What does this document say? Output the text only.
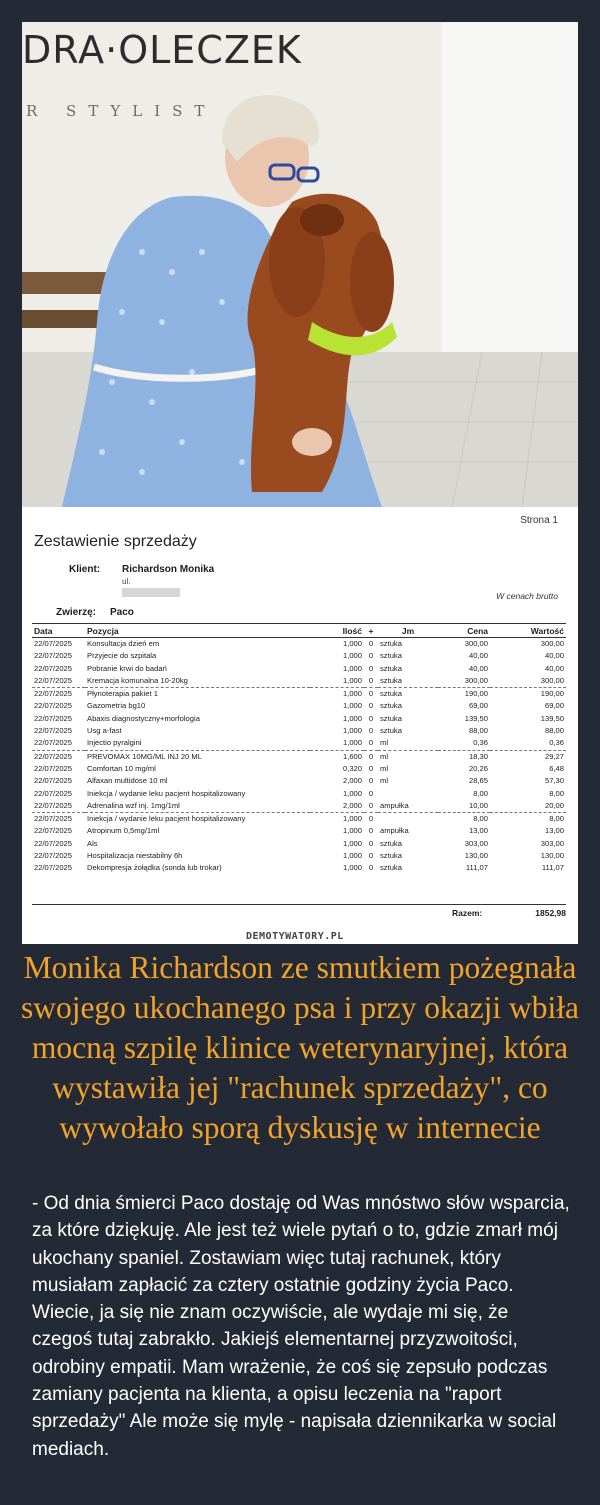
DRA·OLECZEK
R STYLIST
Strona 1
Zestawienie sprzedaży
Klient: Richardson Monika
ul.
W cenach brutto
Zwierzę: Paco
Data	Pozycja	Ilość	+	Jm	Cena	Wartość
22/07/2025	Konsultacja dzień em	1,000	0	sztuka	300,00	300,00
22/07/2025	Przyjecie do szpitala	1,000	0	sztuka	40,00	40,00
22/07/2025	Pobranie krwi do badań	1,000	0	sztuka	40,00	40,00
22/07/2025	Kremacja komunalna 10-20kg	1,000	0	sztuka	300,00	300,00
22/07/2025	Płynoterapia pakiet 1	1,000	0	sztuka	190,00	190,00
22/07/2025	Gazometria bg10	1,000	0	sztuka	69,00	69,00
22/07/2025	Abaxis diagnostyczny+morfologia	1,000	0	sztuka	139,50	139,50
22/07/2025	Usg a-fast	1,000	0	sztuka	88,00	88,00
22/07/2025	Injectio pyralgini	1,000	0	ml	0,36	0,36
22/07/2025	PREVOMAX 10MG/ML INJ 20 ML	1,600	0	ml	18,30	29,27
22/07/2025	Comfortan 10 mg/ml	0,320	0	ml	20,26	6,48
22/07/2025	Alfaxan multidose 10 ml	2,000	0	ml	28,65	57,30
22/07/2025	Iniekcja / wydanie leku pacjent hospitalizowany	1,000	0		8,00	8,00
22/07/2025	Adrenalina wzf inj. 1mg/1ml	2,000	0	ampułka	10,00	20,00
22/07/2025	Iniekcja / wydanie leku pacjent hospitalizowany	1,000	0		8,00	8,00
22/07/2025	Atropinum 0,5mg/1ml	1,000	0	ampułka	13,00	13,00
22/07/2025	Als	1,000	0	sztuka	303,00	303,00
22/07/2025	Hospitalizacja niestabilny 6h	1,000	0	sztuka	130,00	130,00
22/07/2025	Dekompresja żołądka (sonda lub trokar)	1,000	0	sztuka	111,07	111,07
Razem:	1852,98
DEMOTYWATORY.PL
Monika Richardson ze smutkiem pożegnała swojego ukochanego psa i przy okazji wbiła mocną szpilę klinice weterynaryjnej, która wystawiła jej "rachunek sprzedaży", co wywołało sporą dyskusję w internecie
- Od dnia śmierci Paco dostaję od Was mnóstwo słów wsparcia, za które dziękuję. Ale jest też wiele pytań o to, gdzie zmarł mój ukochany spaniel. Zostawiam więc tutaj rachunek, który musiałam zapłacić za cztery ostatnie godziny życia Paco. Wiecie, ja się nie znam oczywiście, ale wydaje mi się, że czegoś tutaj zabrakło. Jakiejś elementarnej przyzwoitości, odrobiny empatii. Mam wrażenie, że coś się zepsuło podczas zamiany pacjenta na klienta, a opisu leczenia na "raport sprzedaży" Ale może się mylę - napisała dziennikarka w social mediach.
